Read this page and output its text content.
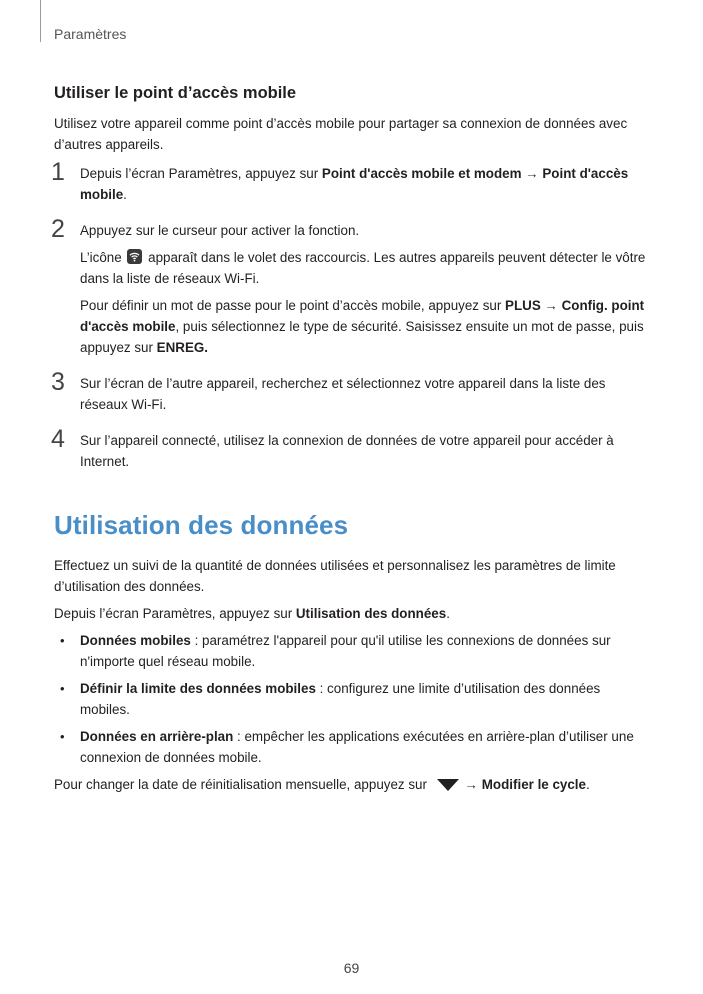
Paramètres
Utiliser le point d’accès mobile

Utilisez votre appareil comme point d’accès mobile pour partager sa connexion de données avec d’autres appareils.

1 Depuis l’écran Paramètres, appuyez sur Point d'accès mobile et modem → Point d'accès mobile.

2 Appuyez sur le curseur pour activer la fonction.

L’icône
apparaît dans le volet des raccourcis. Les autres appareils peuvent détecter le vôtre dans la liste de réseaux Wi-Fi.

Pour définir un mot de passe pour le point d’accès mobile, appuyez sur PLUS → Config. point d'accès mobile, puis sélectionnez le type de sécurité. Saisissez ensuite un mot de passe, puis appuyez sur ENREG.

3 Sur l’écran de l’autre appareil, recherchez et sélectionnez votre appareil dans la liste des réseaux Wi-Fi.

4 Sur l’appareil connecté, utilisez la connexion de données de votre appareil pour accéder à Internet.

Utilisation des données

Effectuez un suivi de la quantité de données utilisées et personnalisez les paramètres de limite d’utilisation des données.

Depuis l’écran Paramètres, appuyez sur Utilisation des données.

• Données mobiles : paramétrez l'appareil pour qu'il utilise les connexions de données sur n'importe quel réseau mobile.
• Définir la limite des données mobiles : configurez une limite d’utilisation des données mobiles.
• Données en arrière-plan : empêcher les applications exécutées en arrière-plan d’utiliser une connexion de données mobile.

Pour changer la date de réinitialisation mensuelle, appuyez sur	→ Modifier le cycle.

69
